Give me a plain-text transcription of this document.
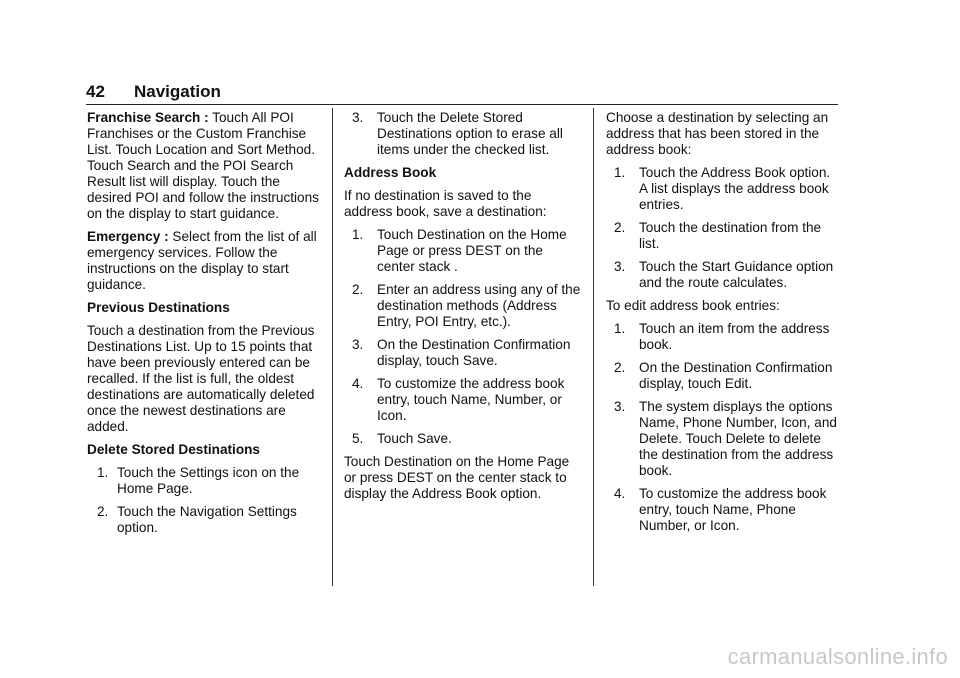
42	Navigation

Franchise Search : Touch All POI Franchises or the Custom Franchise List. Touch Location and Sort Method. Touch Search and the POI Search Result list will display. Touch the desired POI and follow the instructions on the display to start guidance.

Emergency : Select from the list of all emergency services. Follow the instructions on the display to start guidance.

Previous Destinations

Touch a destination from the Previous Destinations List. Up to 15 points that have been previously entered can be recalled. If the list is full, the oldest destinations are automatically deleted once the newest destinations are added.

Delete Stored Destinations
1. Touch the Settings icon on the Home Page.
2. Touch the Navigation Settings option.
3. Touch the Delete Stored Destinations option to erase all items under the checked list.
Address Book

If no destination is saved to the address book, save a destination:

1. Touch Destination on the Home Page or press DEST on the center stack .
2. Enter an address using any of the destination methods (Address Entry, POI Entry, etc.).
3. On the Destination Confirmation display, touch Save.
4. To customize the address book entry, touch Name, Number, or Icon.
5. Touch Save.

Touch Destination on the Home Page or press DEST on the center stack to display the Address Book option.

Choose a destination by selecting an address that has been stored in the address book:

1. Touch the Address Book option. A list displays the address book entries.
2. Touch the destination from the list.
3. Touch the Start Guidance option and the route calculates.

To edit address book entries:

1. Touch an item from the address book.
2. On the Destination Confirmation display, touch Edit.
3. The system displays the options Name, Phone Number, Icon, and Delete. Touch Delete to delete the destination from the address book.
4. To customize the address book entry, touch Name, Phone Number, or Icon.
carmanualsonline.info
